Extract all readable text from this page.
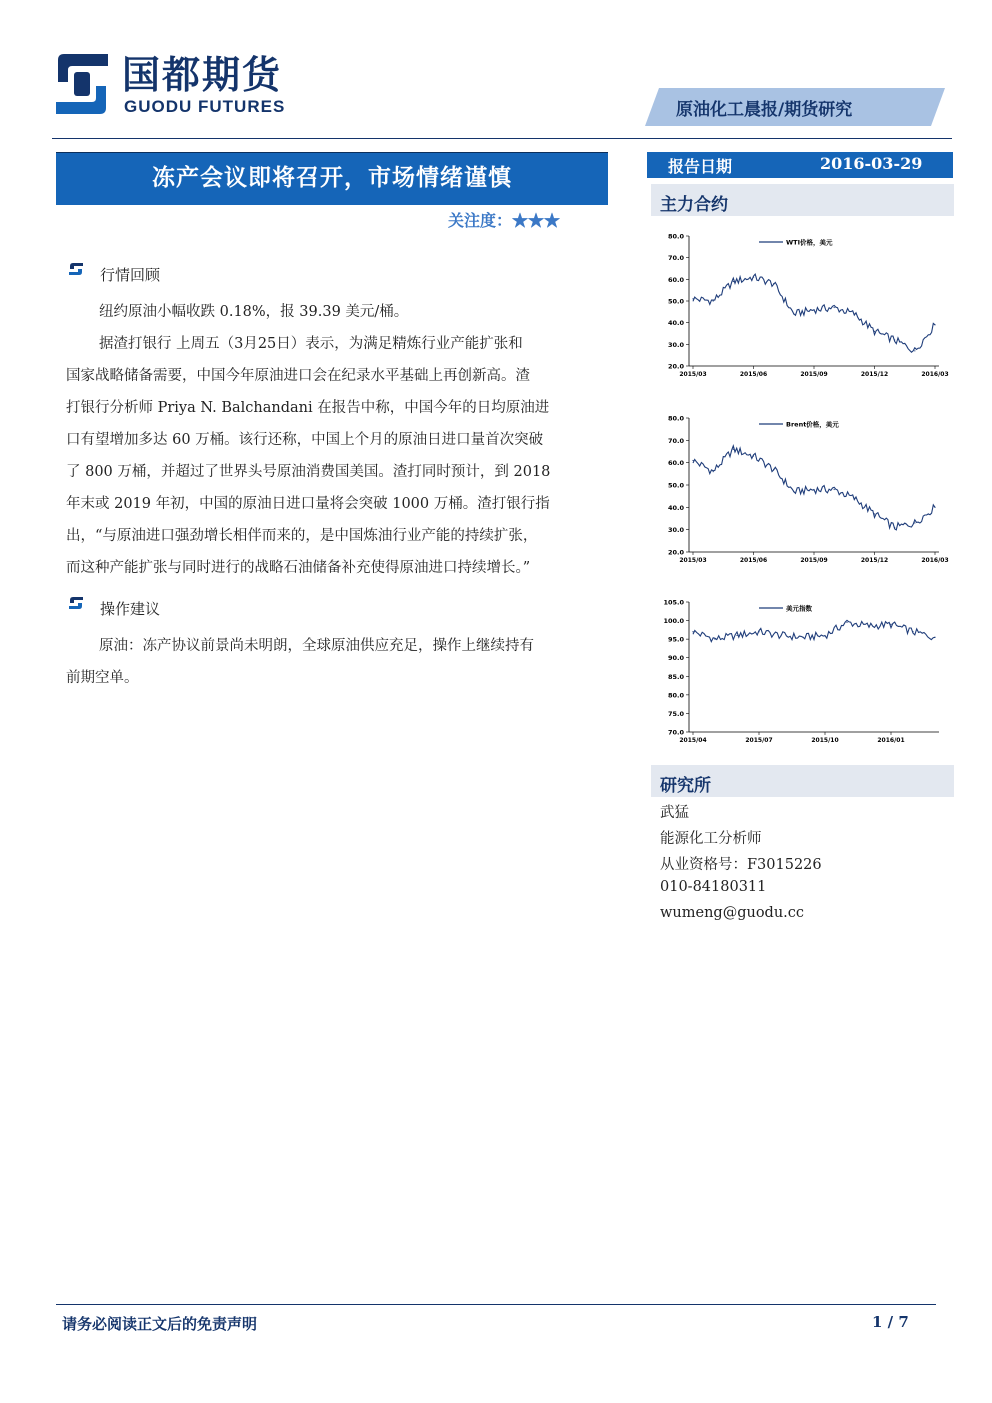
国都期货
GUODU FUTURES	原油化工晨报/期货研究
冻产会议即将召开，市场情绪谨慎
关注度：★★★
行情回顾
纽约原油小幅收跌 0.18%，报 39.39 美元/桶。
据渣打银行 上周五（3月25日）表示，为满足精炼行业产能扩张和
国家战略储备需要，中国今年原油进口会在纪录水平基础上再创新高。渣
打银行分析师 Priya N. Balchandani 在报告中称，中国今年的日均原油进
口有望增加多达 60 万桶。该行还称，中国上个月的原油日进口量首次突破
了 800 万桶，并超过了世界头号原油消费国美国。渣打同时预计，到 2018
年末或 2019 年初，中国的原油日进口量将会突破 1000 万桶。渣打银行指
出，“与原油进口强劲增长相伴而来的，是中国炼油行业产能的持续扩张，
而这种产能扩张与同时进行的战略石油储备补充使得原油进口持续增长。”
操作建议
原油：冻产协议前景尚未明朗，全球原油供应充足，操作上继续持有
前期空单。
报告日期	2016-03-29
主力合约
20.0
30.0
40.0
50.0
60.0
70.0
80.0
2015/03	2015/06	2015/09	2015/12	2016/03
WTI价格，美元
20.0
30.0
40.0
50.0
60.0
70.0
80.0
2015/03	2015/06	2015/09	2015/12	2016/03
Brent价格，美元
70.0
75.0
80.0
85.0
90.0
95.0
100.0
105.0
2015/04	2015/07	2015/10	2016/01
美元指数
研究所
武猛
能源化工分析师
从业资格号：F3015226
010-84180311
wumeng@guodu.cc
请务必阅读正文后的免责声明	1 / 7
